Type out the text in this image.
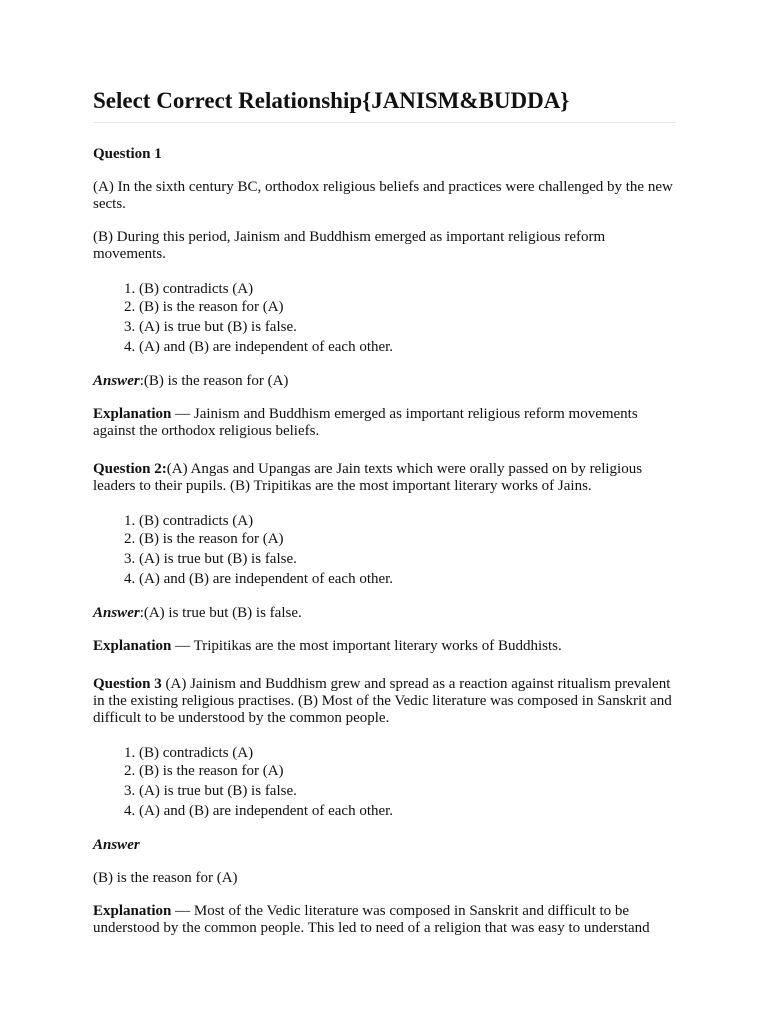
Select Correct Relationship{JANISM&BUDDA}

Question 1

(A) In the sixth century BC, orthodox religious beliefs and practices were challenged by the new sects.

(B) During this period, Jainism and Buddhism emerged as important religious reform movements.

1. (B) contradicts (A)
2. (B) is the reason for (A)
3. (A) is true but (B) is false.
4. (A) and (B) are independent of each other.

Answer:(B) is the reason for (A)

Explanation — Jainism and Buddhism emerged as important religious reform movements against the orthodox religious beliefs.

Question 2:(A) Angas and Upangas are Jain texts which were orally passed on by religious leaders to their pupils. (B) Tripitikas are the most important literary works of Jains.

1. (B) contradicts (A)
2. (B) is the reason for (A)
3. (A) is true but (B) is false.
4. (A) and (B) are independent of each other.

Answer:(A) is true but (B) is false.

Explanation — Tripitikas are the most important literary works of Buddhists.

Question 3 (A) Jainism and Buddhism grew and spread as a reaction against ritualism prevalent in the existing religious practises. (B) Most of the Vedic literature was composed in Sanskrit and difficult to be understood by the common people.

1. (B) contradicts (A)
2. (B) is the reason for (A)
3. (A) is true but (B) is false.
4. (A) and (B) are independent of each other.

Answer

(B) is the reason for (A)

Explanation — Most of the Vedic literature was composed in Sanskrit and difficult to be understood by the common people. This led to need of a religion that was easy to understand
